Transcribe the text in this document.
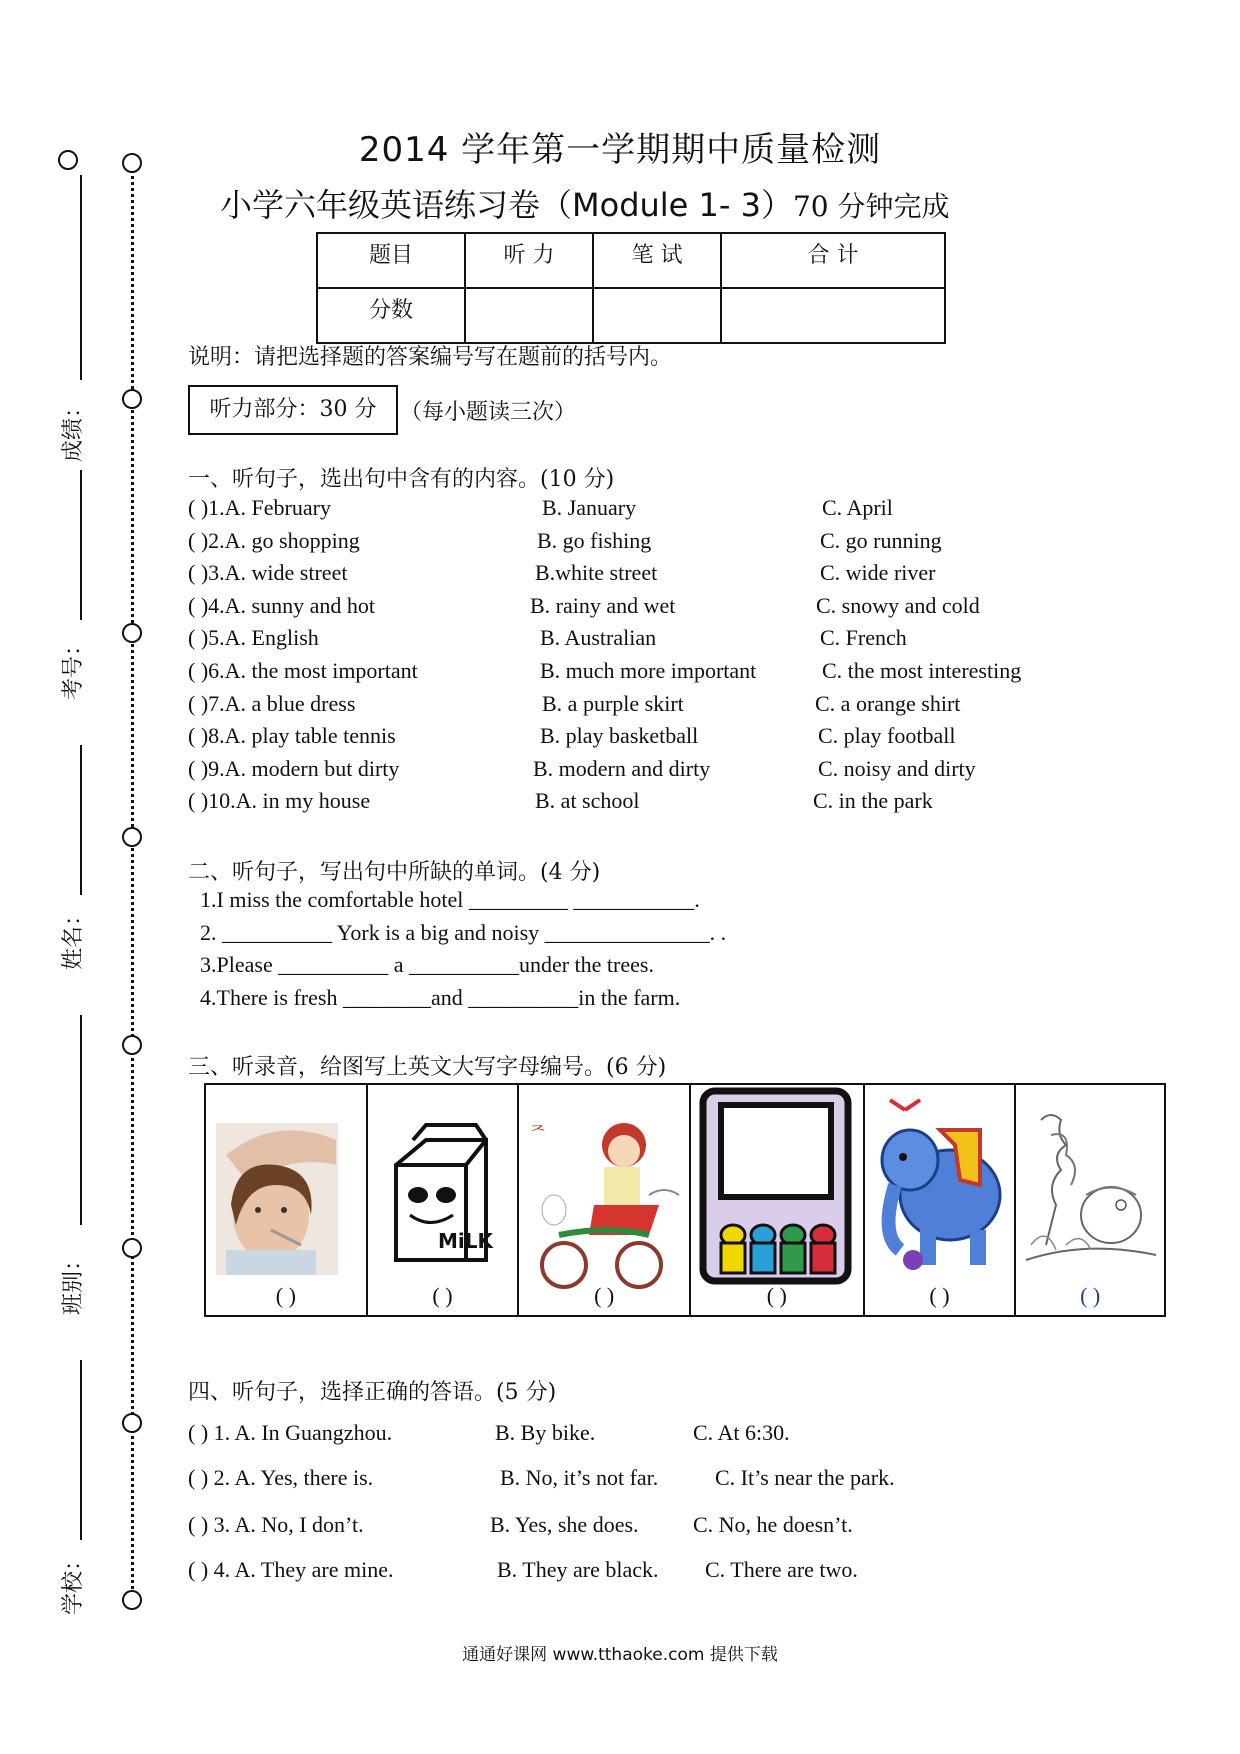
成绩：
考号：
姓名：
班别：
学校：
2014 学年第一学期期中质量检测
小学六年级英语练习卷（Module 1- 3）70 分钟完成
题目	听 力	笔 试	合 计
分数			
说明：请把选择题的答案编号写在题前的括号内。
听力部分：30 分	（每小题读三次）
一、听句子，选出句中含有的内容。(10 分)
( )1.A. February	B. January	C. April
( )2.A. go shopping	B. go fishing	C. go running
( )3.A. wide street	B.white street	C. wide river
( )4.A. sunny and hot	B. rainy and wet	C. snowy and cold
( )5.A. English	B. Australian	C. French
( )6.A. the most important	B. much more important	C. the most interesting
( )7.A. a blue dress	B. a purple skirt	C. a orange shirt
( )8.A. play table tennis	B. play basketball	C. play football
( )9.A. modern but dirty	B. modern and dirty	C. noisy and dirty
( )10.A. in my house	B. at school	C. in the park
二、听句子，写出句中所缺的单词。(4 分)
1.I miss the comfortable hotel _________ ___________.
2. __________ York is a big and noisy _______________. .
3.Please __________ a __________under the trees.
4.There is fresh ________and __________in the farm.
三、听录音，给图写上英文大写字母编号。(6 分)
( )
MiLK
( )
ᄌ
( )	( )	( )	( )
四、听句子，选择正确的答语。(5 分)
( ) 1. A. In Guangzhou.	B. By bike.	C. At 6:30.
( ) 2. A. Yes, there is.	B. No, it’s not far.	C. It’s near the park.
( ) 3. A. No, I don’t.	B. Yes, she does. C. No, he doesn’t.
( ) 4. A. They are mine.	B. They are black. C. There are two.
通通好课网 www.tthaoke.com 提供下载
